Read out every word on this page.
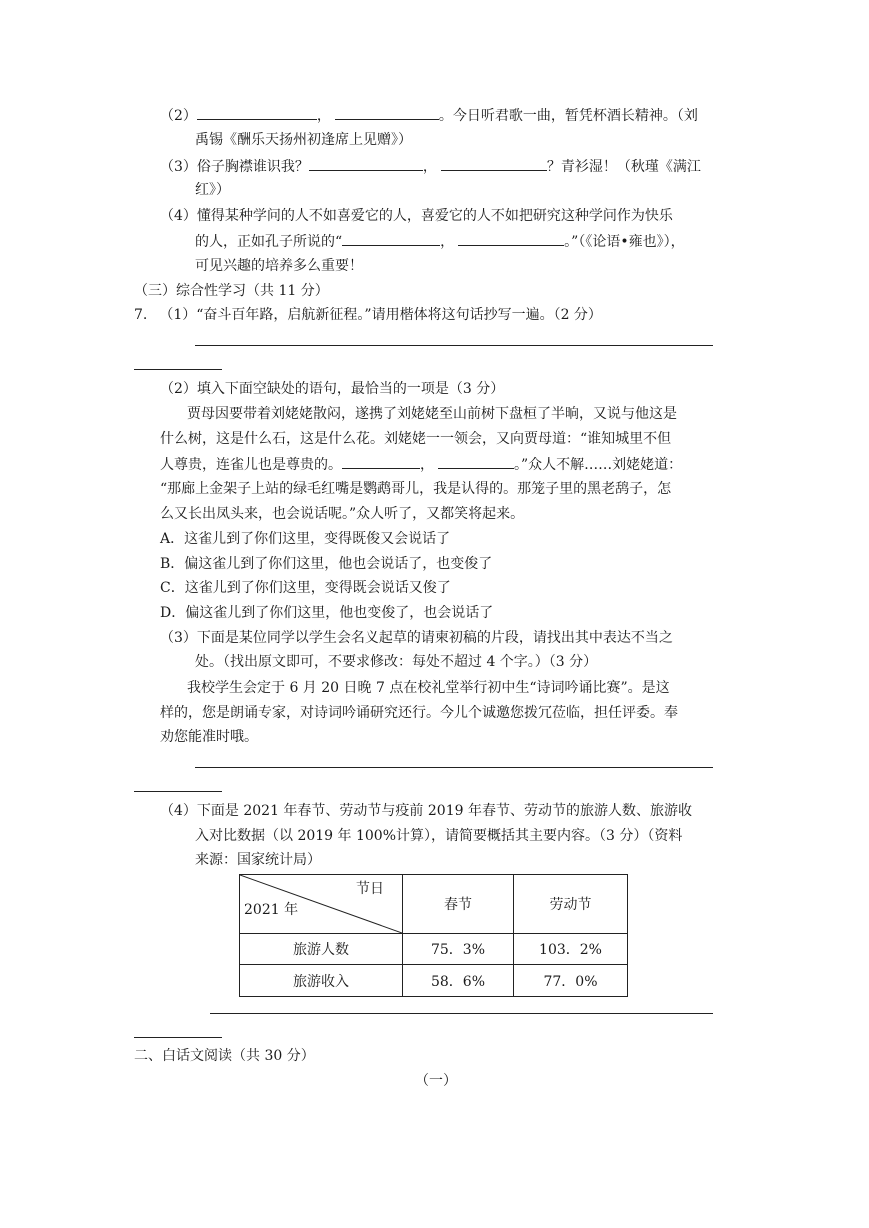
（2）	，	。今日听君歌一曲，暂凭杯酒长精神。（刘
禹锡《酬乐天扬州初逢席上见赠》）
（3）俗子胸襟谁识我？	，	？青衫湿！（秋瑾《满江
红》）
（4）懂得某种学问的人不如喜爱它的人，喜爱它的人不如把研究这种学问作为快乐
的人，正如孔子所说的“	，	。”（《论语•雍也》），
可见兴趣的培养多么重要！
（三）综合性学习（共 11 分）
7. （1）“奋斗百年路，启航新征程。”请用楷体将这句话抄写一遍。（2 分）
（2）填入下面空缺处的语句，最恰当的一项是（3 分）
贾母因要带着刘姥姥散闷，遂携了刘姥姥至山前树下盘桓了半晌，又说与他这是
什么树，这是什么石，这是什么花。刘姥姥一一领会，又向贾母道：“谁知城里不但
人尊贵，连雀儿也是尊贵的。	，	。”众人不解……刘姥姥道：
“那廊上金架子上站的绿毛红嘴是鹦鹉哥儿，我是认得的。那笼子里的黑老鸹子，怎
么又长出凤头来，也会说话呢。”众人听了，又都笑将起来。
A．这雀儿到了你们这里，变得既俊又会说话了
B．偏这雀儿到了你们这里，他也会说话了，也变俊了
C．这雀儿到了你们这里，变得既会说话又俊了
D．偏这雀儿到了你们这里，他也变俊了，也会说话了
（3）下面是某位同学以学生会名义起草的请柬初稿的片段，请找出其中表达不当之
处。（找出原文即可，不要求修改：每处不超过 4 个字。）（3 分）
我校学生会定于 6 月 20 日晚 7 点在校礼堂举行初中生“诗词吟诵比赛”。是这
样的，您是朗诵专家，对诗词吟诵研究还行。今儿个诚邀您拨冗莅临，担任评委。奉
劝您能准时哦。
（4）下面是 2021 年春节、劳动节与疫前 2019 年春节、劳动节的旅游人数、旅游收
入对比数据（以 2019 年 100%计算），请简要概括其主要内容。（3 分）（资料
来源：国家统计局）
节日
2021 年	春节	劳动节
旅游人数	75．3%	103．2%
旅游收入	58．6%	77．0%
二、白话文阅读（共 30 分）
（一）
